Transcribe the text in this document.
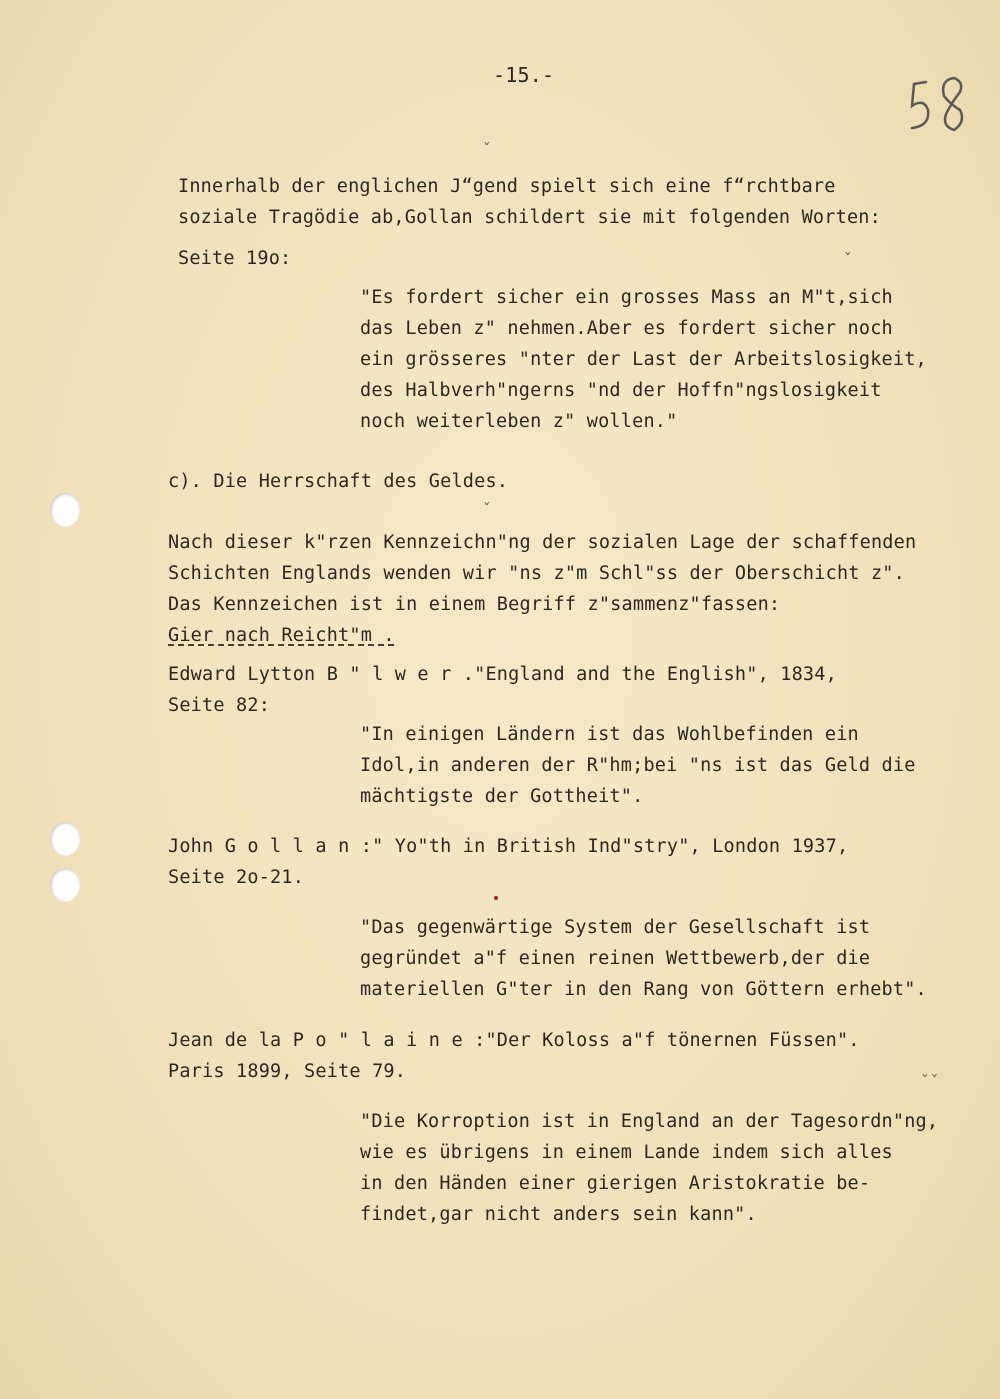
-15.-
Innerhalb der englichen J“gend spielt sich eine f“rchtbare
soziale Tragödie ab,Gollan schildert sie mit folgenden Worten:
Seite 19o:
"Es fordert sicher ein grosses Mass an M"t,sich
das Leben z" nehmen.Aber es fordert sicher noch
ein grösseres "nter der Last der Arbeitslosigkeit,
des Halbverh"ngerns "nd der Hoffn"ngslosigkeit
noch weiterleben z" wollen."
c). Die Herrschaft des Geldes.
Nach dieser k"rzen Kennzeichn"ng der sozialen Lage der schaffenden
Schichten Englands wenden wir "ns z"m Schl"ss der Oberschicht z".
Das Kennzeichen ist in einem Begriff z"sammenz"fassen:
Gier nach Reicht"m .
Edward Lytton B " l w e r ."England and the English", 1834,
Seite 82:
"In einigen Ländern ist das Wohlbefinden ein
Idol,in anderen der R"hm;bei "ns ist das Geld die
mächtigste der Gottheit".
John G o l l a n :" Yo"th in British Ind"stry", London 1937,
Seite 2o-21.
"Das gegenwärtige System der Gesellschaft ist
gegründet a"f einen reinen Wettbewerb,der die
materiellen G"ter in den Rang von Göttern erhebt".
Jean de la P o " l a i n e :"Der Koloss a"f tönernen Füssen".
Paris 1899, Seite 79.
"Die Korroption ist in England an der Tagesordn"ng,
wie es übrigens in einem Lande indem sich alles
in den Händen einer gierigen Aristokratie be-
findet,gar nicht anders sein kann".
ˇ
ˇ
ˇ
ˇˇ
